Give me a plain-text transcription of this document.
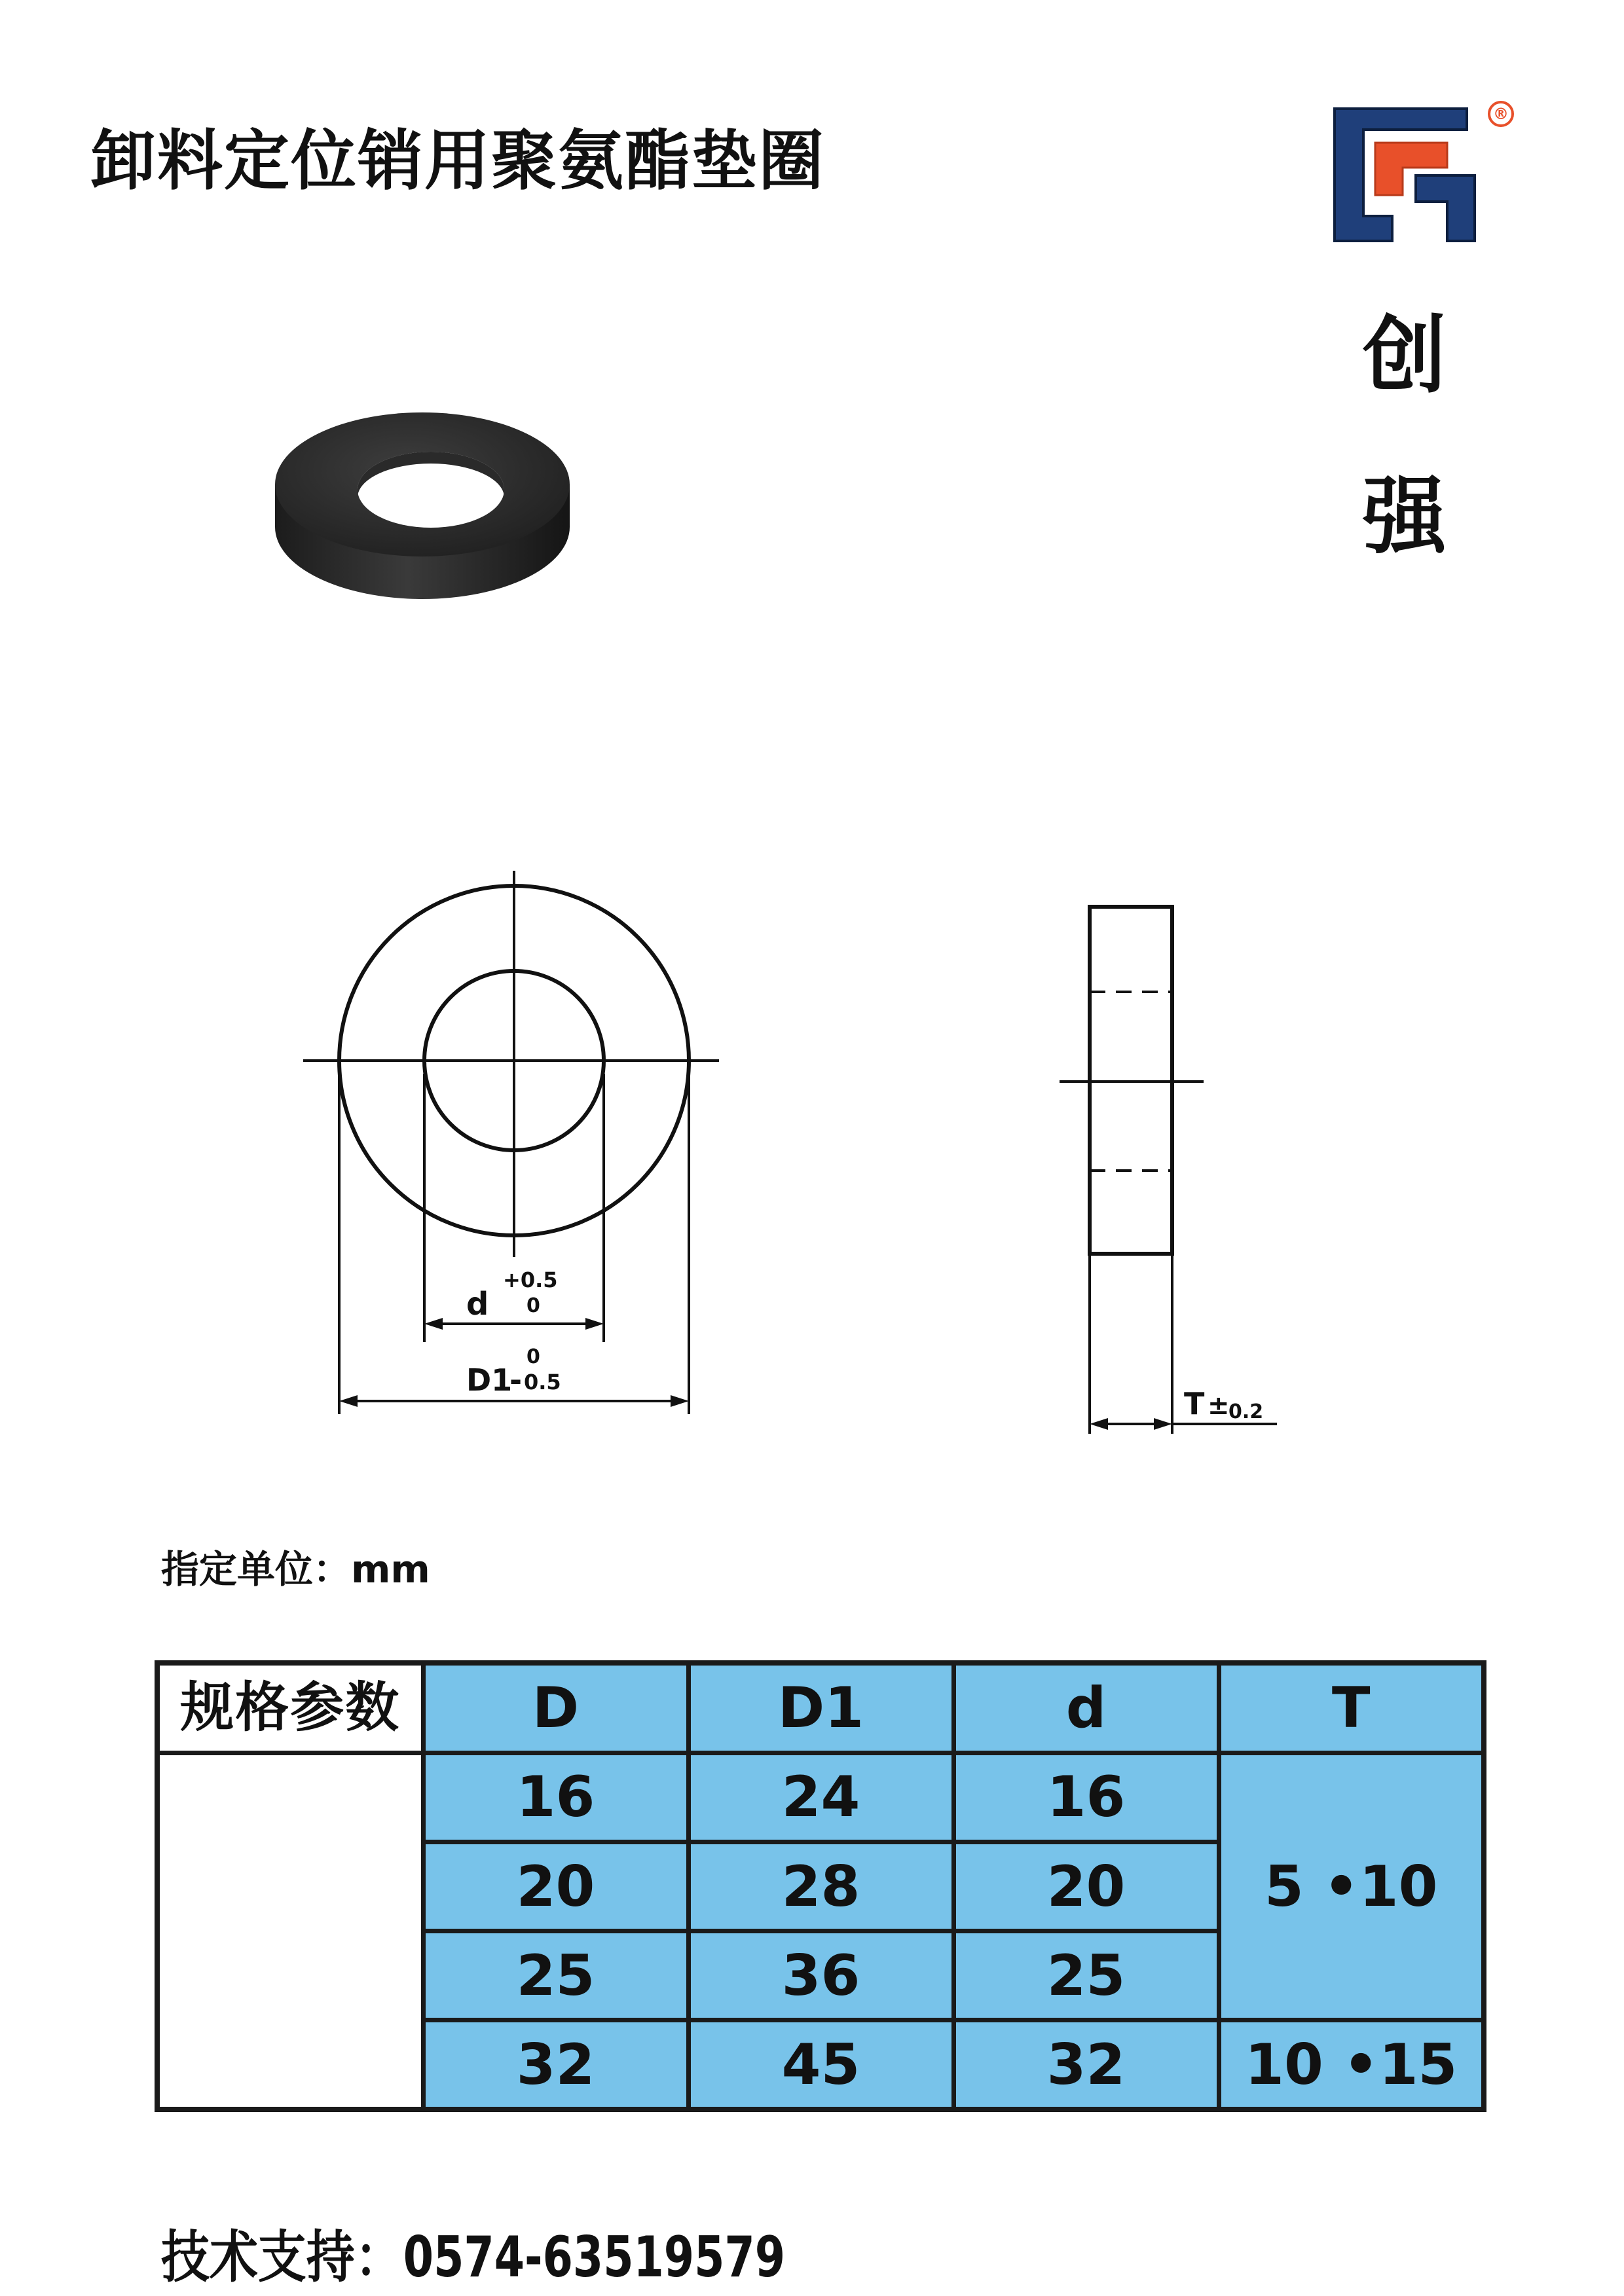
卸料定位销用聚氨酯垫圈
®
创
强
d
+0.5
0
D1
-
0
0.5
T ±
0.2
指定单位：mm
规格参数	D	D1	d	T
	16	24	16	5 •10
	20	28	20	
	25	36	25	
	32	45	32	10 •15
技术支持：0574-63519579
